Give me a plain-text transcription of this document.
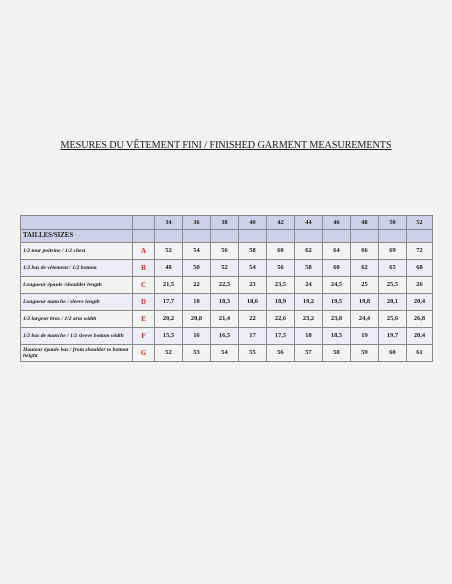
MESURES DU VÊTEMENT FINI / FINISHED GARMENT MEASUREMENTS
		34	36	38	40	42	44	46	48	50	52
TAILLES/SIZES											
1/2 tour poitrine / 1/2 chest	A	52	54	56	58	60	62	64	66	69	72
1/2 bas de vêtement / 1/2 bottom	B	48	50	52	54	56	58	60	62	65	68
Longueur épaule /shoulder length	C	21,5	22	22,5	23	23,5	24	24,5	25	25,5	26
Longueur manche / sleeve length	D	17,7	18	18,3	18,6	18,9	19,2	19,5	19,8	20,1	20,4
1/2 largeur bras / 1/2 arm width	E	20,2	20,8	21,4	22	22,6	23,2	23,8	24,4	25,6	26,8
1/2 bas de manche / 1/2 sleeve bottom width	F	15,5	16	16,5	17	17,5	18	18,5	19	19,7	20,4
Hauteur épaule bas / from shoulder to bottom height	G	52	53	54	55	56	57	58	59	60	61
